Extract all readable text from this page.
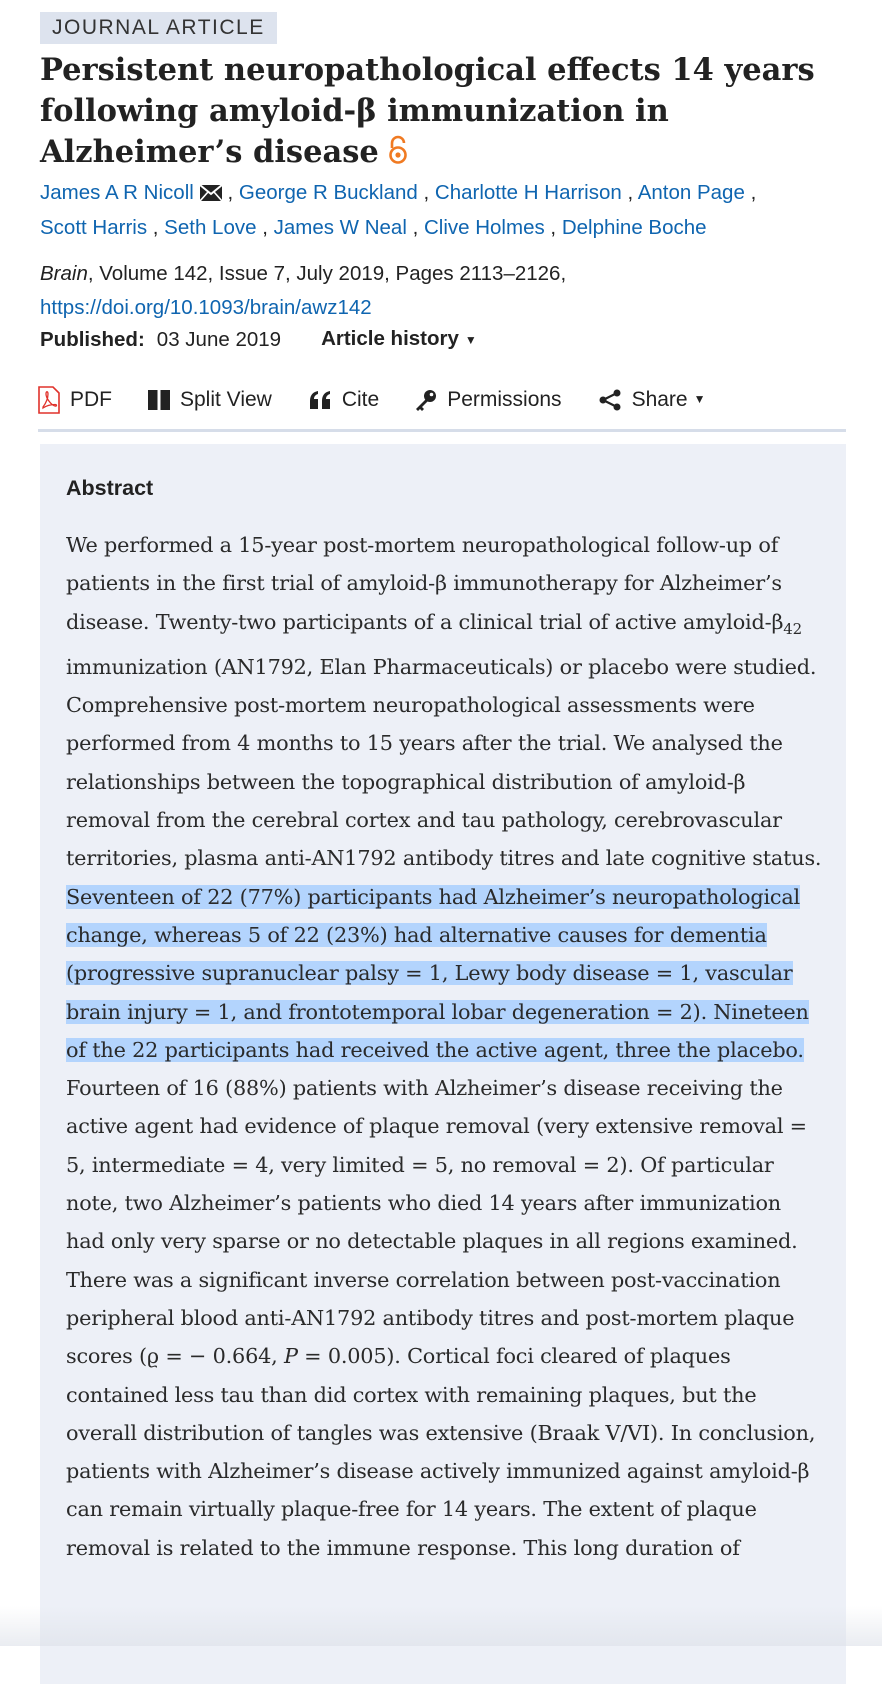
JOURNAL ARTICLE
Persistent neuropathological effects 14 years following amyloid-β immunization in Alzheimer’s disease
James A R Nicoll , George R Buckland , Charlotte H Harrison , Anton Page ,
Scott Harris , Seth Love , James W Neal , Clive Holmes , Delphine Boche
Brain, Volume 142, Issue 7, July 2019, Pages 2113–2126,
https://doi.org/10.1093/brain/awz142
Published: 03 June 2019 Article history ▼
PDF	Split View	Cite	Permissions	Share ▼
Abstract

We performed a 15-year post-mortem neuropathological follow-up of patients in the first trial of amyloid-β immunotherapy for Alzheimer’s disease. Twenty-two participants of a clinical trial of active amyloid-$\beta_{42}$ immunization (AN1792, Elan Pharmaceuticals) or placebo were studied. Comprehensive post-mortem neuropathological assessments were performed from 4 months to 15 years after the trial. We analysed the relationships between the topographical distribution of amyloid-β removal from the cerebral cortex and tau pathology, cerebrovascular territories, plasma anti-AN1792 antibody titres and late cognitive status. Seventeen of 22 (77%) participants had Alzheimer’s neuropathological change, whereas 5 of 22 (23%) had alternative causes for dementia (progressive supranuclear palsy = 1, Lewy body disease = 1, vascular brain injury = 1, and frontotemporal lobar degeneration = 2). Nineteen of the 22 participants had received the active agent, three the placebo. Fourteen of 16 (88%) patients with Alzheimer’s disease receiving the active agent had evidence of plaque removal (very extensive removal = 5, intermediate = 4, very limited = 5, no removal = 2). Of particular note, two Alzheimer’s patients who died 14 years after immunization had only very sparse or no detectable plaques in all regions examined. There was a significant inverse correlation between post-vaccination peripheral blood anti-AN1792 antibody titres and post-mortem plaque scores (ϱ = − 0.664, P = 0.005). Cortical foci cleared of plaques contained less tau than did cortex with remaining plaques, but the overall distribution of tangles was extensive (Braak V/VI). In conclusion, patients with Alzheimer’s disease actively immunized against amyloid-β can remain virtually plaque-free for 14 years. The extent of plaque removal is related to the immune response. This long duration of
